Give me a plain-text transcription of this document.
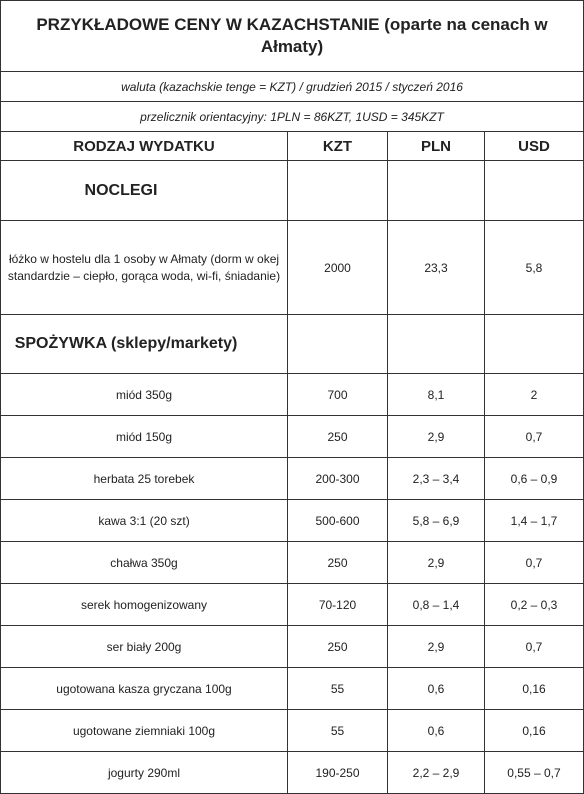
PRZYKŁADOWE CENY W KAZACHSTANIE (oparte na cenach w Ałmaty)			
waluta (kazachskie tenge = KZT) / grudzień 2015 / styczeń 2016			
przelicznik orientacyjny: 1PLN = 86KZT, 1USD = 345KZT			
RODZAJ WYDATKU	KZT	PLN	USD
NOCLEGI			
łóżko w hostelu dla 1 osoby w Ałmaty (dorm w okej standardzie – ciepło, gorąca woda, wi-fi, śniadanie)	2000	23,3	5,8
SPOŻYWKA (sklepy/markety)			
miód 350g	700	8,1	2
miód 150g	250	2,9	0,7
herbata 25 torebek	200-300	2,3 – 3,4	0,6 – 0,9
kawa 3:1 (20 szt)	500-600	5,8 – 6,9	1,4 – 1,7
chałwa 350g	250	2,9	0,7
serek homogenizowany	70-120	0,8 – 1,4	0,2 – 0,3
ser biały 200g	250	2,9	0,7
ugotowana kasza gryczana 100g	55	0,6	0,16
ugotowane ziemniaki 100g	55	0,6	0,16
jogurty 290ml	190-250	2,2 – 2,9	0,55 – 0,7
